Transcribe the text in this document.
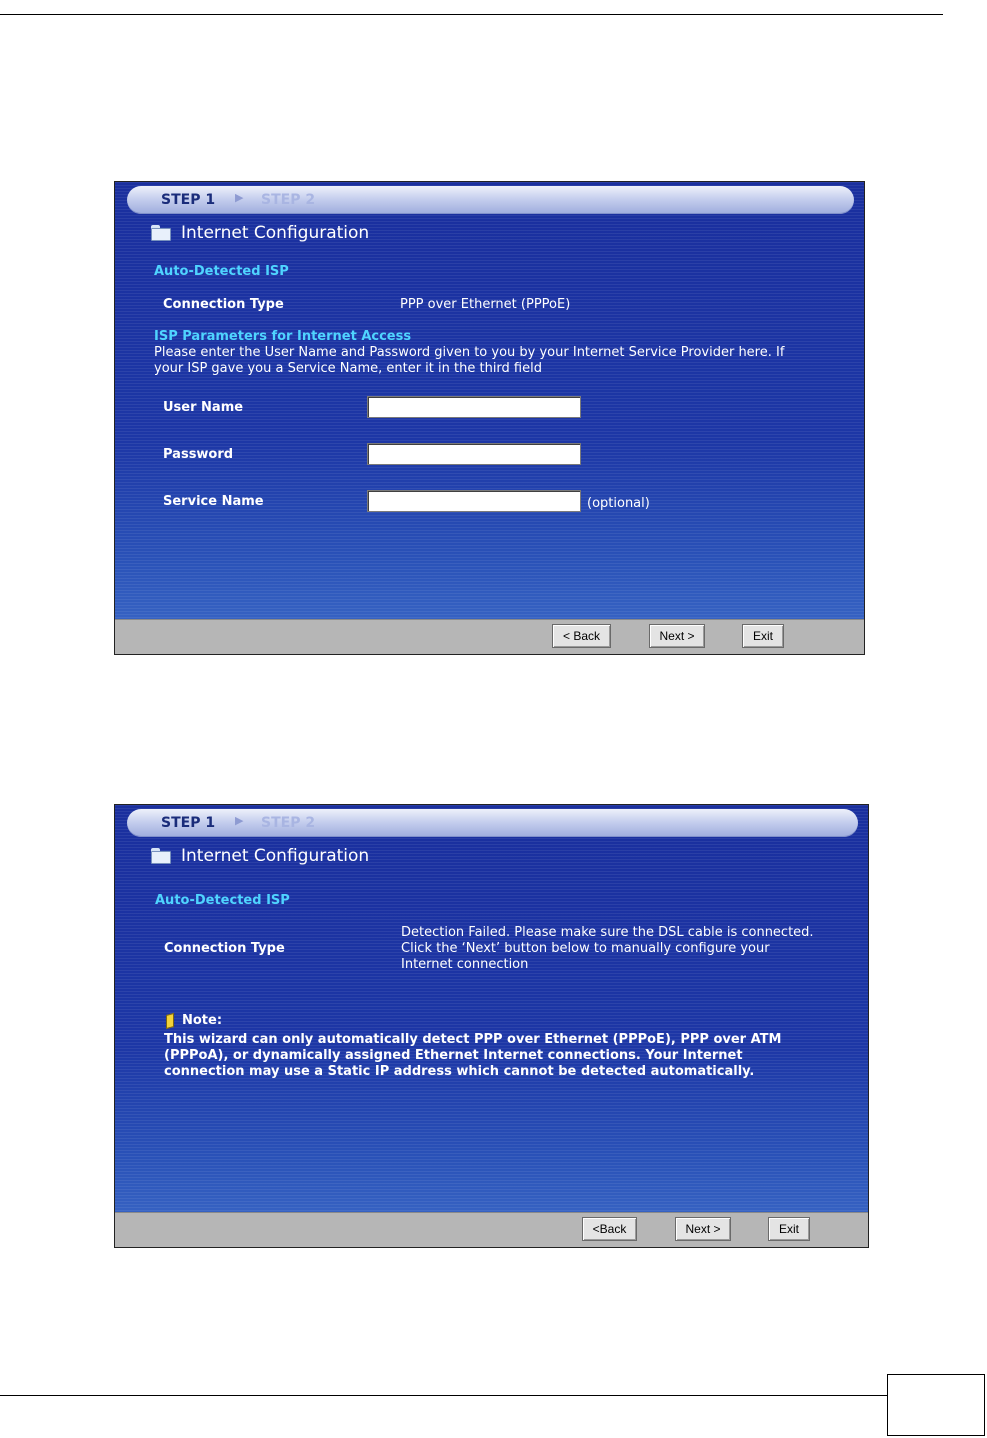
STEP 1 ▶ STEP 2
Internet Configuration
Auto-Detected ISP
Connection Type	PPP over Ethernet (PPPoE)
ISP Parameters for Internet Access
Please enter the User Name and Password given to you by your Internet Service Provider here. If
your ISP gave you a Service Name, enter it in the third field
User Name
Password
Service Name	(optional)
< Back	Next >	Exit
STEP 1 ▶ STEP 2
Internet Configuration
Auto-Detected ISP
Connection Type
Detection Failed. Please make sure the DSL cable is connected.
Click the ‘Next’ button below to manually configure your
Internet connection
Note:
This wizard can only automatically detect PPP over Ethernet (PPPoE), PPP over ATM
(PPPoA), or dynamically assigned Ethernet Internet connections. Your Internet
connection may use a Static IP address which cannot be detected automatically.
<Back	Next >	Exit
